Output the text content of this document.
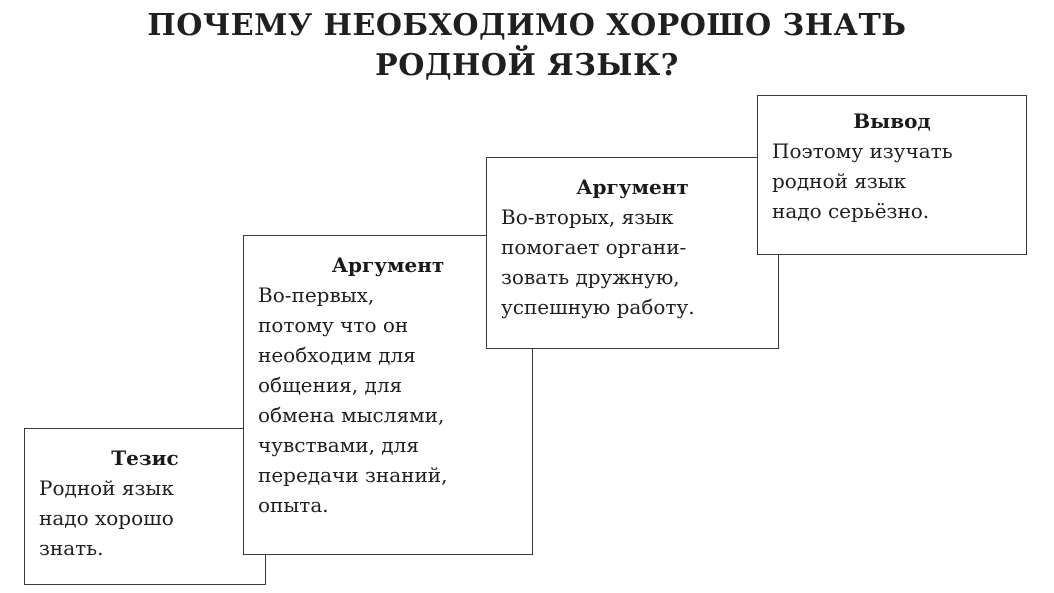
ПОЧЕМУ НЕОБХОДИМО ХОРОШО ЗНАТЬ
РОДНОЙ ЯЗЫК?
Тезис
Родной язык
надо хорошо
знать.
Аргумент
Во-первых,
потому что он
необходим для
общения, для
обмена мыслями,
чувствами, для
передачи знаний,
опыта.
Аргумент
Во-вторых, язык
помогает органи-
зовать дружную,
успешную работу.
Вывод
Поэтому изучать
родной язык
надо серьёзно.
